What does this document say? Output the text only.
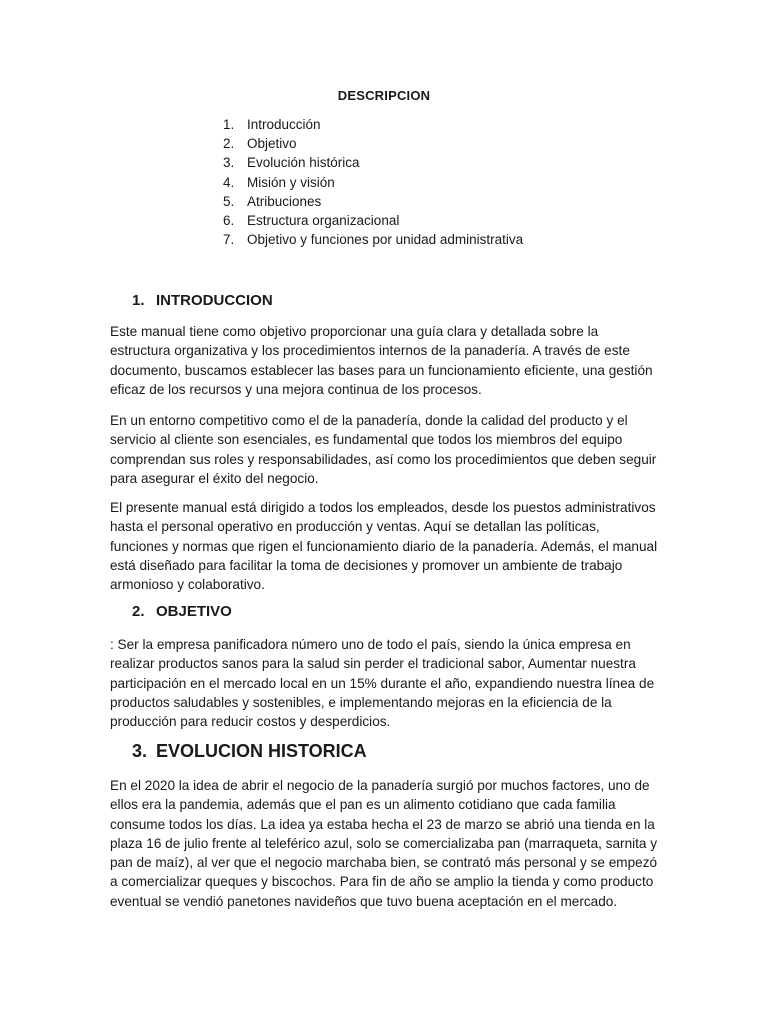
DESCRIPCION
1. Introducción
2. Objetivo
3. Evolución histórica
4. Misión y visión
5. Atribuciones
6. Estructura organizacional
7. Objetivo y funciones por unidad administrativa
1. INTRODUCCION

Este manual tiene como objetivo proporcionar una guía clara y detallada sobre la estructura organizativa y los procedimientos internos de la panadería. A través de este documento, buscamos establecer las bases para un funcionamiento eficiente, una gestión eficaz de los recursos y una mejora continua de los procesos.

En un entorno competitivo como el de la panadería, donde la calidad del producto y el servicio al cliente son esenciales, es fundamental que todos los miembros del equipo comprendan sus roles y responsabilidades, así como los procedimientos que deben seguir para asegurar el éxito del negocio.

El presente manual está dirigido a todos los empleados, desde los puestos administrativos hasta el personal operativo en producción y ventas. Aquí se detallan las políticas, funciones y normas que rigen el funcionamiento diario de la panadería. Además, el manual está diseñado para facilitar la toma de decisiones y promover un ambiente de trabajo armonioso y colaborativo.

2. OBJETIVO

: Ser la empresa panificadora número uno de todo el país, siendo la única empresa en realizar productos sanos para la salud sin perder el tradicional sabor, Aumentar nuestra participación en el mercado local en un 15% durante el año, expandiendo nuestra línea de productos saludables y sostenibles, e implementando mejoras en la eficiencia de la producción para reducir costos y desperdicios.

3. EVOLUCION HISTORICA

En el 2020 la idea de abrir el negocio de la panadería surgió por muchos factores, uno de ellos era la pandemia, además que el pan es un alimento cotidiano que cada familia consume todos los días. La idea ya estaba hecha el 23 de marzo se abrió una tienda en la plaza 16 de julio frente al teleférico azul, solo se comercializaba pan (marraqueta, sarnita y pan de maíz), al ver que el negocio marchaba bien, se contrató más personal y se empezó a comercializar queques y biscochos. Para fin de año se amplio la tienda y como producto eventual se vendió panetones navideños que tuvo buena aceptación en el mercado.
